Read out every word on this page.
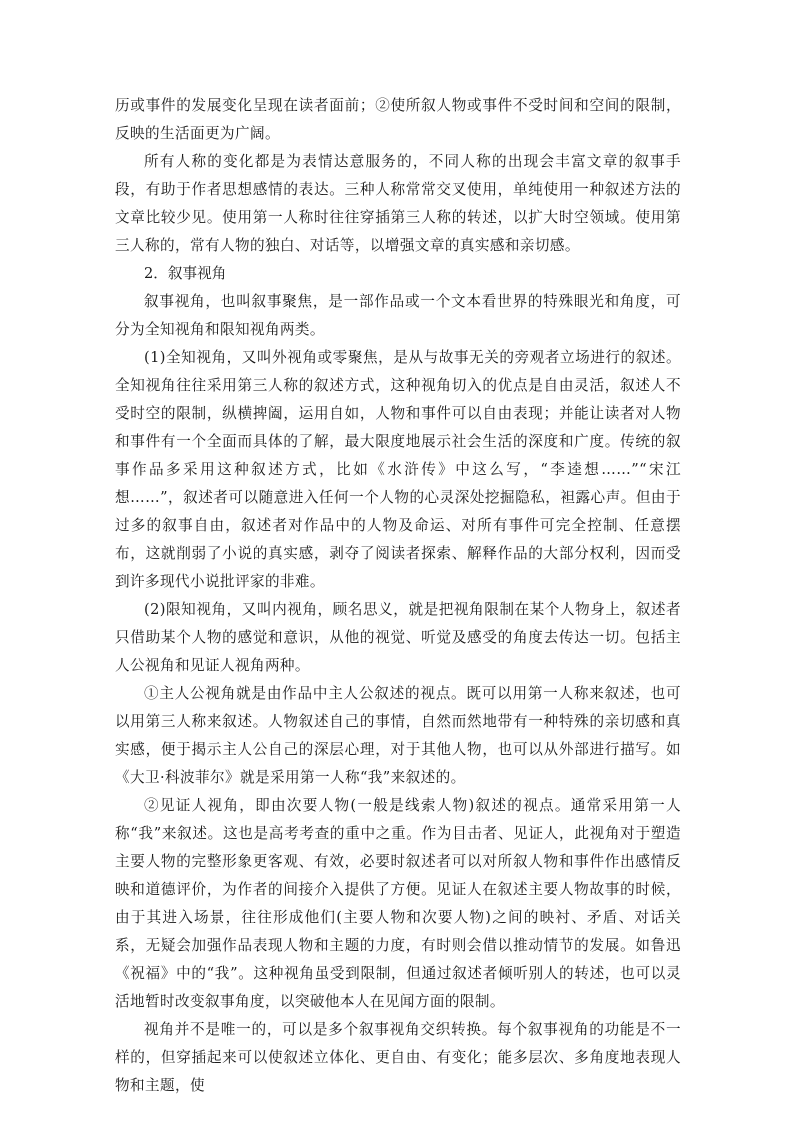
历或事件的发展变化呈现在读者面前；②使所叙人物或事件不受时间和空间的限制，反映的生活面更为广阔。

所有人称的变化都是为表情达意服务的，不同人称的出现会丰富文章的叙事手段，有助于作者思想感情的表达。三种人称常常交叉使用，单纯使用一种叙述方法的文章比较少见。使用第一人称时往往穿插第三人称的转述，以扩大时空领域。使用第三人称的，常有人物的独白、对话等，以增强文章的真实感和亲切感。

2．叙事视角

叙事视角，也叫叙事聚焦，是一部作品或一个文本看世界的特殊眼光和角度，可分为全知视角和限知视角两类。

(1)全知视角，又叫外视角或零聚焦，是从与故事无关的旁观者立场进行的叙述。全知视角往往采用第三人称的叙述方式，这种视角切入的优点是自由灵活，叙述人不受时空的限制，纵横捭阖，运用自如，人物和事件可以自由表现；并能让读者对人物和事件有一个全面而具体的了解，最大限度地展示社会生活的深度和广度。传统的叙事作品多采用这种叙述方式，比如《水浒传》中这么写，“李逵想……”“宋江想……”，叙述者可以随意进入任何一个人物的心灵深处挖掘隐私，袒露心声。但由于过多的叙事自由，叙述者对作品中的人物及命运、对所有事件可完全控制、任意摆布，这就削弱了小说的真实感，剥夺了阅读者探索、解释作品的大部分权利，因而受到许多现代小说批评家的非难。

(2)限知视角，又叫内视角，顾名思义，就是把视角限制在某个人物身上，叙述者只借助某个人物的感觉和意识，从他的视觉、听觉及感受的角度去传达一切。包括主人公视角和见证人视角两种。

①主人公视角就是由作品中主人公叙述的视点。既可以用第一人称来叙述，也可以用第三人称来叙述。人物叙述自己的事情，自然而然地带有一种特殊的亲切感和真实感，便于揭示主人公自己的深层心理，对于其他人物，也可以从外部进行描写。如《大卫·科波菲尔》就是采用第一人称“我”来叙述的。

②见证人视角，即由次要人物(一般是线索人物)叙述的视点。通常采用第一人称“我”来叙述。这也是高考考查的重中之重。作为目击者、见证人，此视角对于塑造主要人物的完整形象更客观、有效，必要时叙述者可以对所叙人物和事件作出感情反映和道德评价，为作者的间接介入提供了方便。见证人在叙述主要人物故事的时候，由于其进入场景，往往形成他们(主要人物和次要人物)之间的映衬、矛盾、对话关系，无疑会加强作品表现人物和主题的力度，有时则会借以推动情节的发展。如鲁迅《祝福》中的“我”。这种视角虽受到限制，但通过叙述者倾听别人的转述，也可以灵活地暂时改变叙事角度，以突破他本人在见闻方面的限制。

视角并不是唯一的，可以是多个叙事视角交织转换。每个叙事视角的功能是不一样的，但穿插起来可以使叙述立体化、更自由、有变化；能多层次、多角度地表现人物和主题，使
